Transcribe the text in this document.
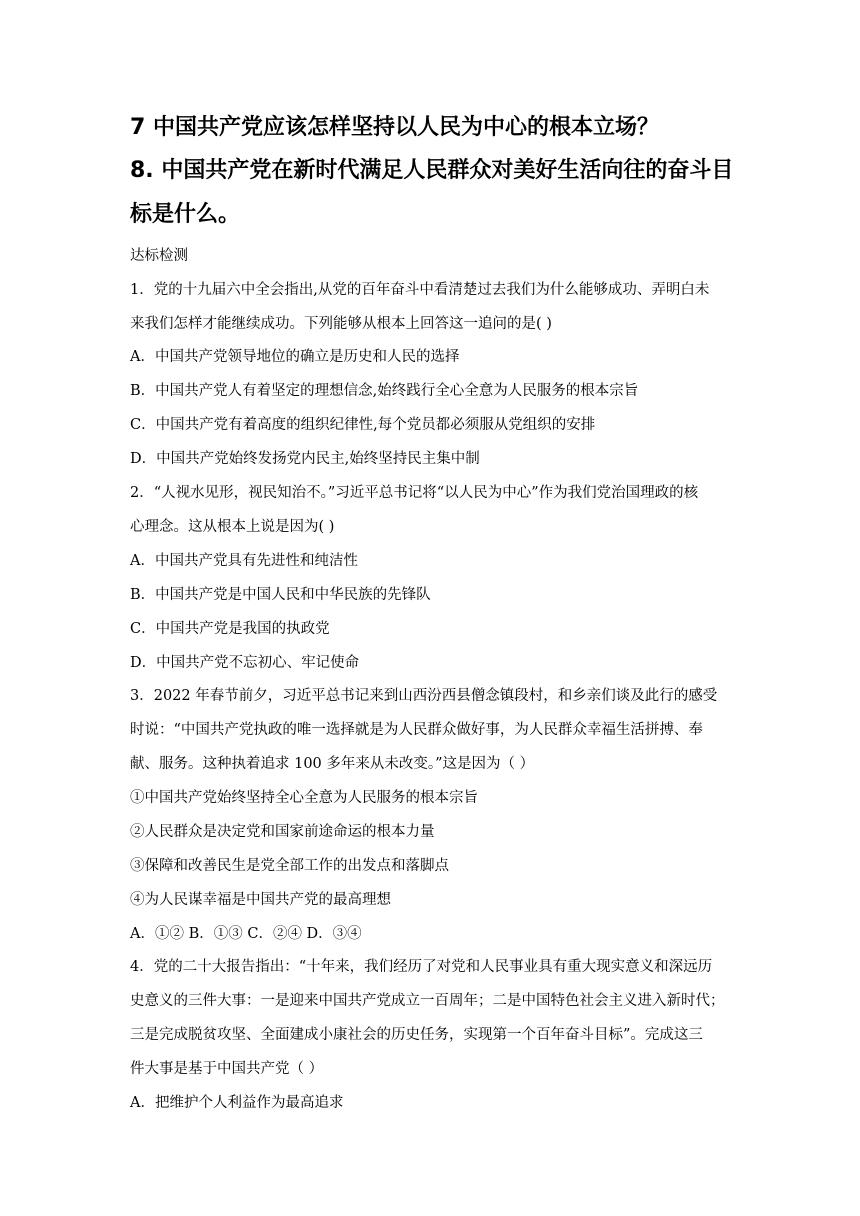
7 中国共产党应该怎样坚持以人民为中心的根本立场？
8. 中国共产党在新时代满足人民群众对美好生活向往的奋斗目
标是什么。
达标检测
1．党的十九届六中全会指出,从党的百年奋斗中看清楚过去我们为什么能够成功、弄明白未
来我们怎样才能继续成功。下列能够从根本上回答这一追问的是( )
A．中国共产党领导地位的确立是历史和人民的选择
B．中国共产党人有着坚定的理想信念,始终践行全心全意为人民服务的根本宗旨
C．中国共产党有着高度的组织纪律性,每个党员都必须服从党组织的安排
D．中国共产党始终发扬党内民主,始终坚持民主集中制
2．“人视水见形，视民知治不。”习近平总书记将“以人民为中心”作为我们党治国理政的核
心理念。这从根本上说是因为( )
A．中国共产党具有先进性和纯洁性
B．中国共产党是中国人民和中华民族的先锋队
C．中国共产党是我国的执政党
D．中国共产党不忘初心、牢记使命
3．2022 年春节前夕，习近平总书记来到山西汾西县僧念镇段村，和乡亲们谈及此行的感受
时说：“中国共产党执政的唯一选择就是为人民群众做好事，为人民群众幸福生活拼搏、奉
献、服务。这种执着追求 100 多年来从未改变。”这是因为（ ）
①中国共产党始终坚持全心全意为人民服务的根本宗旨
②人民群众是决定党和国家前途命运的根本力量
③保障和改善民生是党全部工作的出发点和落脚点
④为人民谋幸福是中国共产党的最高理想
A．①② B．①③ C．②④ D．③④
4．党的二十大报告指出：“十年来，我们经历了对党和人民事业具有重大现实意义和深远历
史意义的三件大事：一是迎来中国共产党成立一百周年；二是中国特色社会主义进入新时代；
三是完成脱贫攻坚、全面建成小康社会的历史任务，实现第一个百年奋斗目标”。完成这三
件大事是基于中国共产党（ ）
A．把维护个人利益作为最高追求
